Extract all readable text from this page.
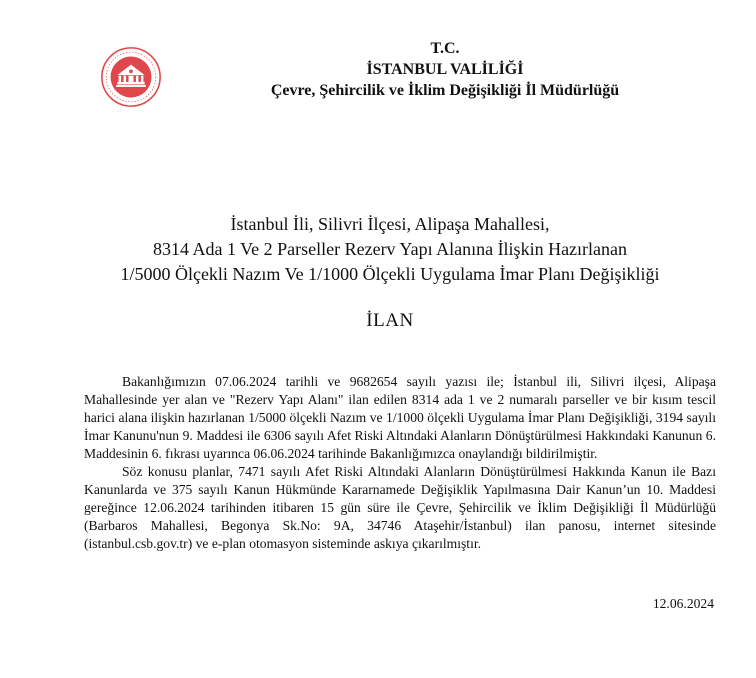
T.C.
İSTANBUL VALİLİĞİ
Çevre, Şehircilik ve İklim Değişikliği İl Müdürlüğü
İstanbul İli, Silivri İlçesi, Alipaşa Mahallesi,
8314 Ada 1 Ve 2 Parseller Rezerv Yapı Alanına İlişkin Hazırlanan
1/5000 Ölçekli Nazım Ve 1/1000 Ölçekli Uygulama İmar Planı Değişikliği
İLAN

Bakanlığımızın 07.06.2024 tarihli ve 9682654 sayılı yazısı ile; İstanbul ili, Silivri ilçesi, Alipaşa Mahallesinde yer alan ve "Rezerv Yapı Alanı" ilan edilen 8314 ada 1 ve 2 numaralı parseller ve bir kısım tescil harici alana ilişkin hazırlanan 1/5000 ölçekli Nazım ve 1/1000 ölçekli Uygulama İmar Planı Değişikliği, 3194 sayılı İmar Kanunu'nun 9. Maddesi ile 6306 sayılı Afet Riski Altındaki Alanların Dönüştürülmesi Hakkındaki Kanunun 6. Maddesinin 6. fıkrası uyarınca 06.06.2024 tarihinde Bakanlığımızca onaylandığı bildirilmiştir.

Söz konusu planlar, 7471 sayılı Afet Riski Altındaki Alanların Dönüştürülmesi Hakkında Kanun ile Bazı Kanunlarda ve 375 sayılı Kanun Hükmünde Kararnamede Değişiklik Yapılmasına Dair Kanun’un 10. Maddesi gereğince 12.06.2024 tarihinden itibaren 15 gün süre ile Çevre, Şehircilik ve İklim Değişikliği İl Müdürlüğü (Barbaros Mahallesi, Begonya Sk.No: 9A, 34746 Ataşehir/İstanbul) ilan panosu, internet sitesinde (istanbul.csb.gov.tr) ve e-plan otomasyon sisteminde askıya çıkarılmıştır.

12.06.2024
